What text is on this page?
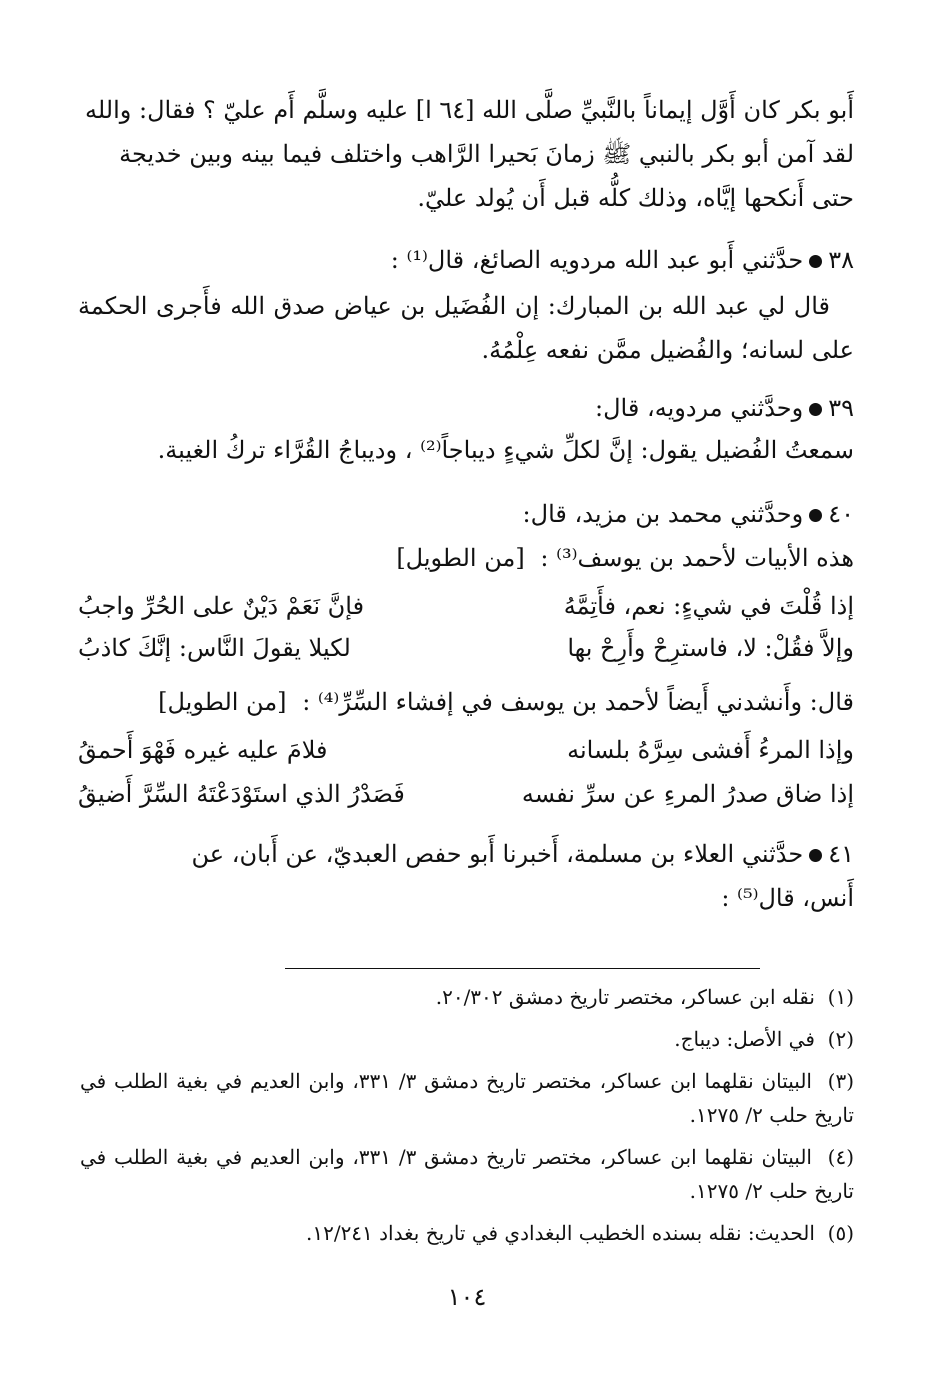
أَبو بكر كان أَوَّل إيماناً بالنَّبيِّ صلَّى الله [٦٤ ا] عليه وسلَّم أَم عليّ ؟ فقال: والله
لقد آمن أبو بكر بالنبي ﷺ زمانَ بَحيرا الرَّاهب واختلف فيما بينه وبين خديجة
حتى أَنكحها إيَّاه، وذلك كلُّه قبل أَن يُولد عليّ.
٣٨حدَّثني أَبو عبد الله مردويه الصائغ، قال⁽¹⁾ :
قال لي عبد الله بن المبارك: إن الفُضَيل بن عياض صدق الله فأَجرى الحكمة على لسانه؛ والفُضيل ممَّن نفعه عِلْمُهُ.
٣٩وحدَّثني مردويه، قال:
سمعتُ الفُضيل يقول: إنَّ لكلِّ شيءٍ ديباجاً⁽²⁾ ، وديباجُ القُرَّاء تركُ الغيبة.
٤٠وحدَّثني محمد بن مزيد، قال:
هذه الأبيات لأحمد بن يوسف⁽³⁾ : [من الطويل]
إذا قُلْتَ في شيءٍ: نعم، فأَتِمَّهُ
فإنَّ نَعَمْ دَيْنٌ على الحُرِّ واجبُ
وإلاَّ فقُلْ: لا، فاسترِحْ وأَرِحْ بها
لكيلا يقولَ النَّاس: إنَّكَ كاذبُ
قال: وأَنشدني أَيضاً لأحمد بن يوسف في إفشاء السِّرِّ⁽⁴⁾ : [من الطويل]
وإذا المرءُ أَفشى سِرَّهُ بلسانه
فلامَ عليه غيره فَهْوَ أَحمقُ
إذا ضاق صدرُ المرءِ عن سرِّ نفسه
فَصَدْرُ الذي استَوْدَعْتَهُ السِّرَّ أَضيقُ
٤١حدَّثني العلاء بن مسلمة، أَخبرنا أَبو حفص العبديّ، عن أَبان، عن
أَنس، قال⁽⁵⁾ :
(١)  نقله ابن عساكر، مختصر تاريخ دمشق ٢٠/٣٠٢.
(٢)  في الأصل: ديباج.
(٣)  البيتان نقلهما ابن عساكر، مختصر تاريخ دمشق ٣/ ٣٣١، وابن العديم في بغية الطلب في تاريخ حلب ٢/ ١٢٧٥.
(٤)  البيتان نقلهما ابن عساكر، مختصر تاريخ دمشق ٣/ ٣٣١، وابن العديم في بغية الطلب في تاريخ حلب ٢/ ١٢٧٥.
(٥)  الحديث: نقله بسنده الخطيب البغدادي في تاريخ بغداد ١٢/٢٤١.
١٠٤
